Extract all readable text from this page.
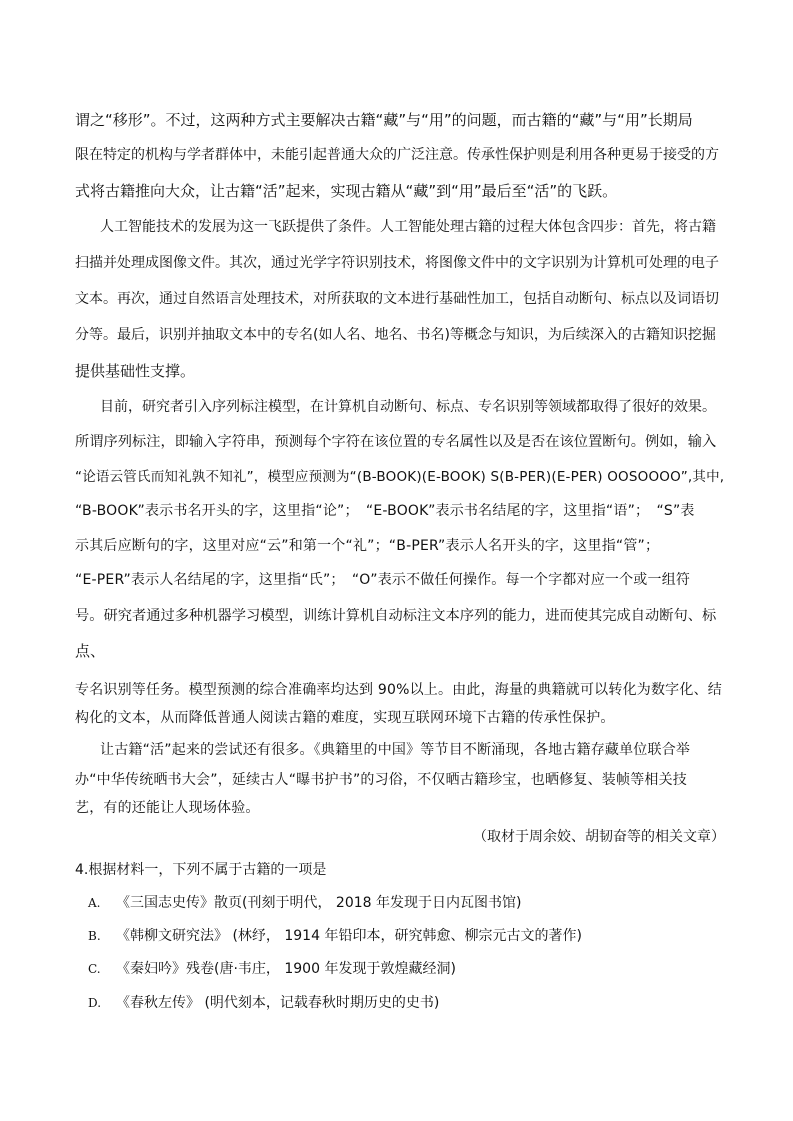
谓之“移形”。不过，这两种方式主要解决古籍“藏”与“用”的问题，而古籍的“藏”与“用”长期局
限在特定的机构与学者群体中，未能引起普通大众的广泛注意。传承性保护则是利用各种更易于接受的方
式将古籍推向大众，让古籍“活”起来，实现古籍从“藏”到“用”最后至“活”的飞跃。
人工智能技术的发展为这一飞跃提供了条件。人工智能处理古籍的过程大体包含四步：首先，将古籍
扫描并处理成图像文件。其次，通过光学字符识别技术，将图像文件中的文字识别为计算机可处理的电子
文本。再次，通过自然语言处理技术，对所获取的文本进行基础性加工，包括自动断句、标点以及词语切
分等。最后，识别并抽取文本中的专名(如人名、地名、书名)等概念与知识，为后续深入的古籍知识挖掘
提供基础性支撑。
目前，研究者引入序列标注模型，在计算机自动断句、标点、专名识别等领域都取得了很好的效果。
所谓序列标注，即输入字符串，预测每个字符在该位置的专名属性以及是否在该位置断句。例如，输入
“论语云管氏而知礼孰不知礼”，模型应预测为“(B-BOOK)(E-BOOK) S(B-PER)(E-PER) OOSOOOO”,其中,
“B-BOOK”表示书名开头的字，这里指“论”；　“E-BOOK”表示书名结尾的字，这里指“语”；　“S”表
示其后应断句的字，这里对应“云”和第一个“礼”；“B-PER”表示人名开头的字，这里指“管”；
“E-PER”表示人名结尾的字，这里指“氏”；　“O”表示不做任何操作。每一个字都对应一个或一组符
号。研究者通过多种机器学习模型，训练计算机自动标注文本序列的能力，进而使其完成自动断句、标
点、
专名识别等任务。模型预测的综合准确率均达到 90%以上。由此，海量的典籍就可以转化为数字化、结
构化的文本，从而降低普通人阅读古籍的难度，实现互联网环境下古籍的传承性保护。
让古籍“活”起来的尝试还有很多。《典籍里的中国》等节目不断涌现，各地古籍存藏单位联合举
办“中华传统晒书大会”，延续古人“曝书护书”的习俗，不仅晒古籍珍宝，也晒修复、装帧等相关技
艺，有的还能让人现场体验。
（取材于周余姣、胡韧奋等的相关文章）
4.根据材料一，下列不属于古籍的一项是
A. 《三国志史传》散页(刊刻于明代， 2018 年发现于日内瓦图书馆)
B. 《韩柳文研究法》 (林纾， 1914 年铅印本，研究韩愈、柳宗元古文的著作)
C. 《秦妇吟》残卷(唐·韦庄， 1900 年发现于敦煌藏经洞)
D. 《春秋左传》 (明代刻本，记载春秋时期历史的史书)
